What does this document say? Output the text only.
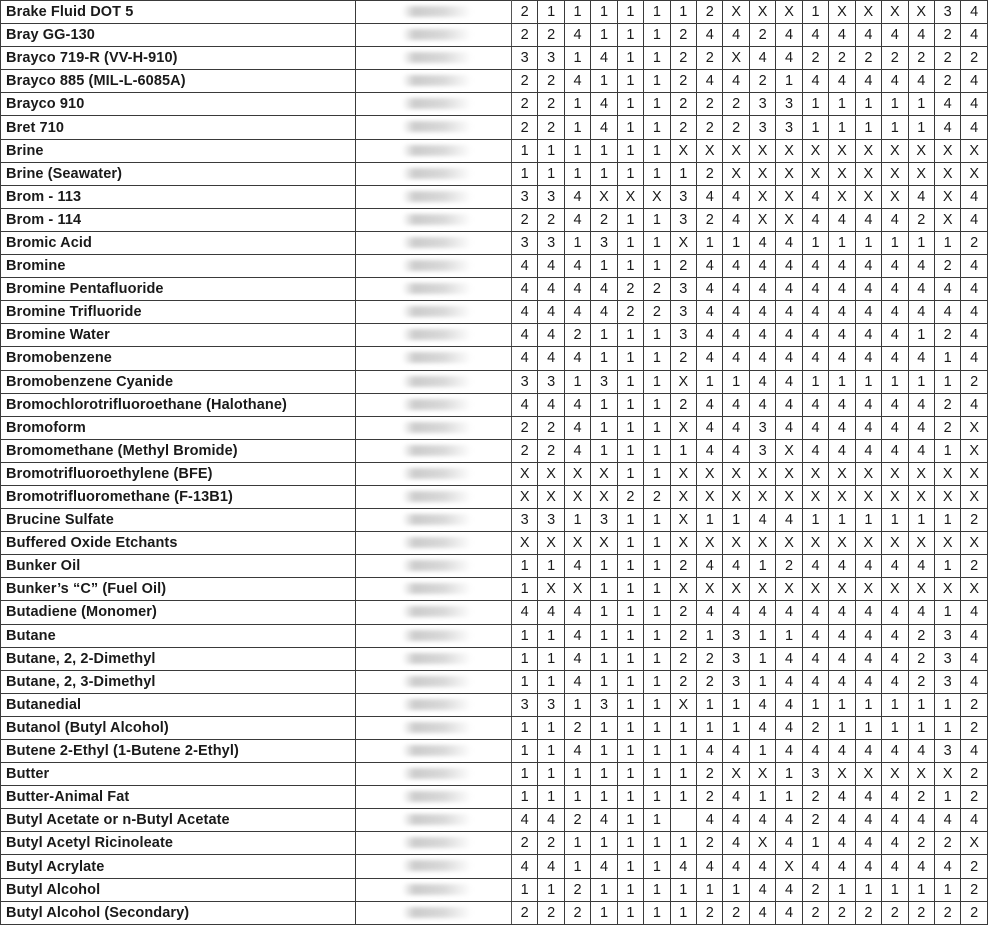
Brake Fluid DOT 5		2	1	1	1	1	1	1	2	X	X	X	1	X	X	X	X	3	4
Bray GG-130		2	2	4	1	1	1	2	4	4	2	4	4	4	4	4	4	2	4
Brayco 719-R (VV-H-910)		3	3	1	4	1	1	2	2	X	4	4	2	2	2	2	2	2	2
Brayco 885 (MIL-L-6085A)		2	2	4	1	1	1	2	4	4	2	1	4	4	4	4	4	2	4
Brayco 910		2	2	1	4	1	1	2	2	2	3	3	1	1	1	1	1	4	4
Bret 710		2	2	1	4	1	1	2	2	2	3	3	1	1	1	1	1	4	4
Brine		1	1	1	1	1	1	X	X	X	X	X	X	X	X	X	X	X	X
Brine (Seawater)		1	1	1	1	1	1	1	2	X	X	X	X	X	X	X	X	X	X
Brom - 113		3	3	4	X	X	X	3	4	4	X	X	4	X	X	X	4	X	4
Brom - 114		2	2	4	2	1	1	3	2	4	X	X	4	4	4	4	2	X	4
Bromic Acid		3	3	1	3	1	1	X	1	1	4	4	1	1	1	1	1	1	2
Bromine		4	4	4	1	1	1	2	4	4	4	4	4	4	4	4	4	2	4
Bromine Pentafluoride		4	4	4	4	2	2	3	4	4	4	4	4	4	4	4	4	4	4
Bromine Trifluoride		4	4	4	4	2	2	3	4	4	4	4	4	4	4	4	4	4	4
Bromine Water		4	4	2	1	1	1	3	4	4	4	4	4	4	4	4	1	2	4
Bromobenzene		4	4	4	1	1	1	2	4	4	4	4	4	4	4	4	4	1	4
Bromobenzene Cyanide		3	3	1	3	1	1	X	1	1	4	4	1	1	1	1	1	1	2
Bromochlorotrifluoroethane (Halothane)		4	4	4	1	1	1	2	4	4	4	4	4	4	4	4	4	2	4
Bromoform		2	2	4	1	1	1	X	4	4	3	4	4	4	4	4	4	2	X
Bromomethane (Methyl Bromide)		2	2	4	1	1	1	1	4	4	3	X	4	4	4	4	4	1	X
Bromotrifluoroethylene (BFE)		X	X	X	X	1	1	X	X	X	X	X	X	X	X	X	X	X	X
Bromotrifluoromethane (F-13B1)		X	X	X	X	2	2	X	X	X	X	X	X	X	X	X	X	X	X
Brucine Sulfate		3	3	1	3	1	1	X	1	1	4	4	1	1	1	1	1	1	2
Buffered Oxide Etchants		X	X	X	X	1	1	X	X	X	X	X	X	X	X	X	X	X	X
Bunker Oil		1	1	4	1	1	1	2	4	4	1	2	4	4	4	4	4	1	2
Bunker’s “C” (Fuel Oil)		1	X	X	1	1	1	X	X	X	X	X	X	X	X	X	X	X	X
Butadiene (Monomer)		4	4	4	1	1	1	2	4	4	4	4	4	4	4	4	4	1	4
Butane		1	1	4	1	1	1	2	1	3	1	1	4	4	4	4	2	3	4
Butane, 2, 2-Dimethyl		1	1	4	1	1	1	2	2	3	1	4	4	4	4	4	2	3	4
Butane, 2, 3-Dimethyl		1	1	4	1	1	1	2	2	3	1	4	4	4	4	4	2	3	4
Butanedial		3	3	1	3	1	1	X	1	1	4	4	1	1	1	1	1	1	2
Butanol (Butyl Alcohol)		1	1	2	1	1	1	1	1	1	4	4	2	1	1	1	1	1	2
Butene 2-Ethyl (1-Butene 2-Ethyl)		1	1	4	1	1	1	1	4	4	1	4	4	4	4	4	4	3	4
Butter		1	1	1	1	1	1	1	2	X	X	1	3	X	X	X	X	X	2
Butter-Animal Fat		1	1	1	1	1	1	1	2	4	1	1	2	4	4	4	2	1	2
Butyl Acetate or n-Butyl Acetate		4	4	2	4	1	1		4	4	4	4	2	4	4	4	4	4	4
Butyl Acetyl Ricinoleate		2	2	1	1	1	1	1	2	4	X	4	1	4	4	4	2	2	X
Butyl Acrylate		4	4	1	4	1	1	4	4	4	4	X	4	4	4	4	4	4	2
Butyl Alcohol		1	1	2	1	1	1	1	1	1	4	4	2	1	1	1	1	1	2
Butyl Alcohol (Secondary)		2	2	2	1	1	1	1	2	2	4	4	2	2	2	2	2	2	2
